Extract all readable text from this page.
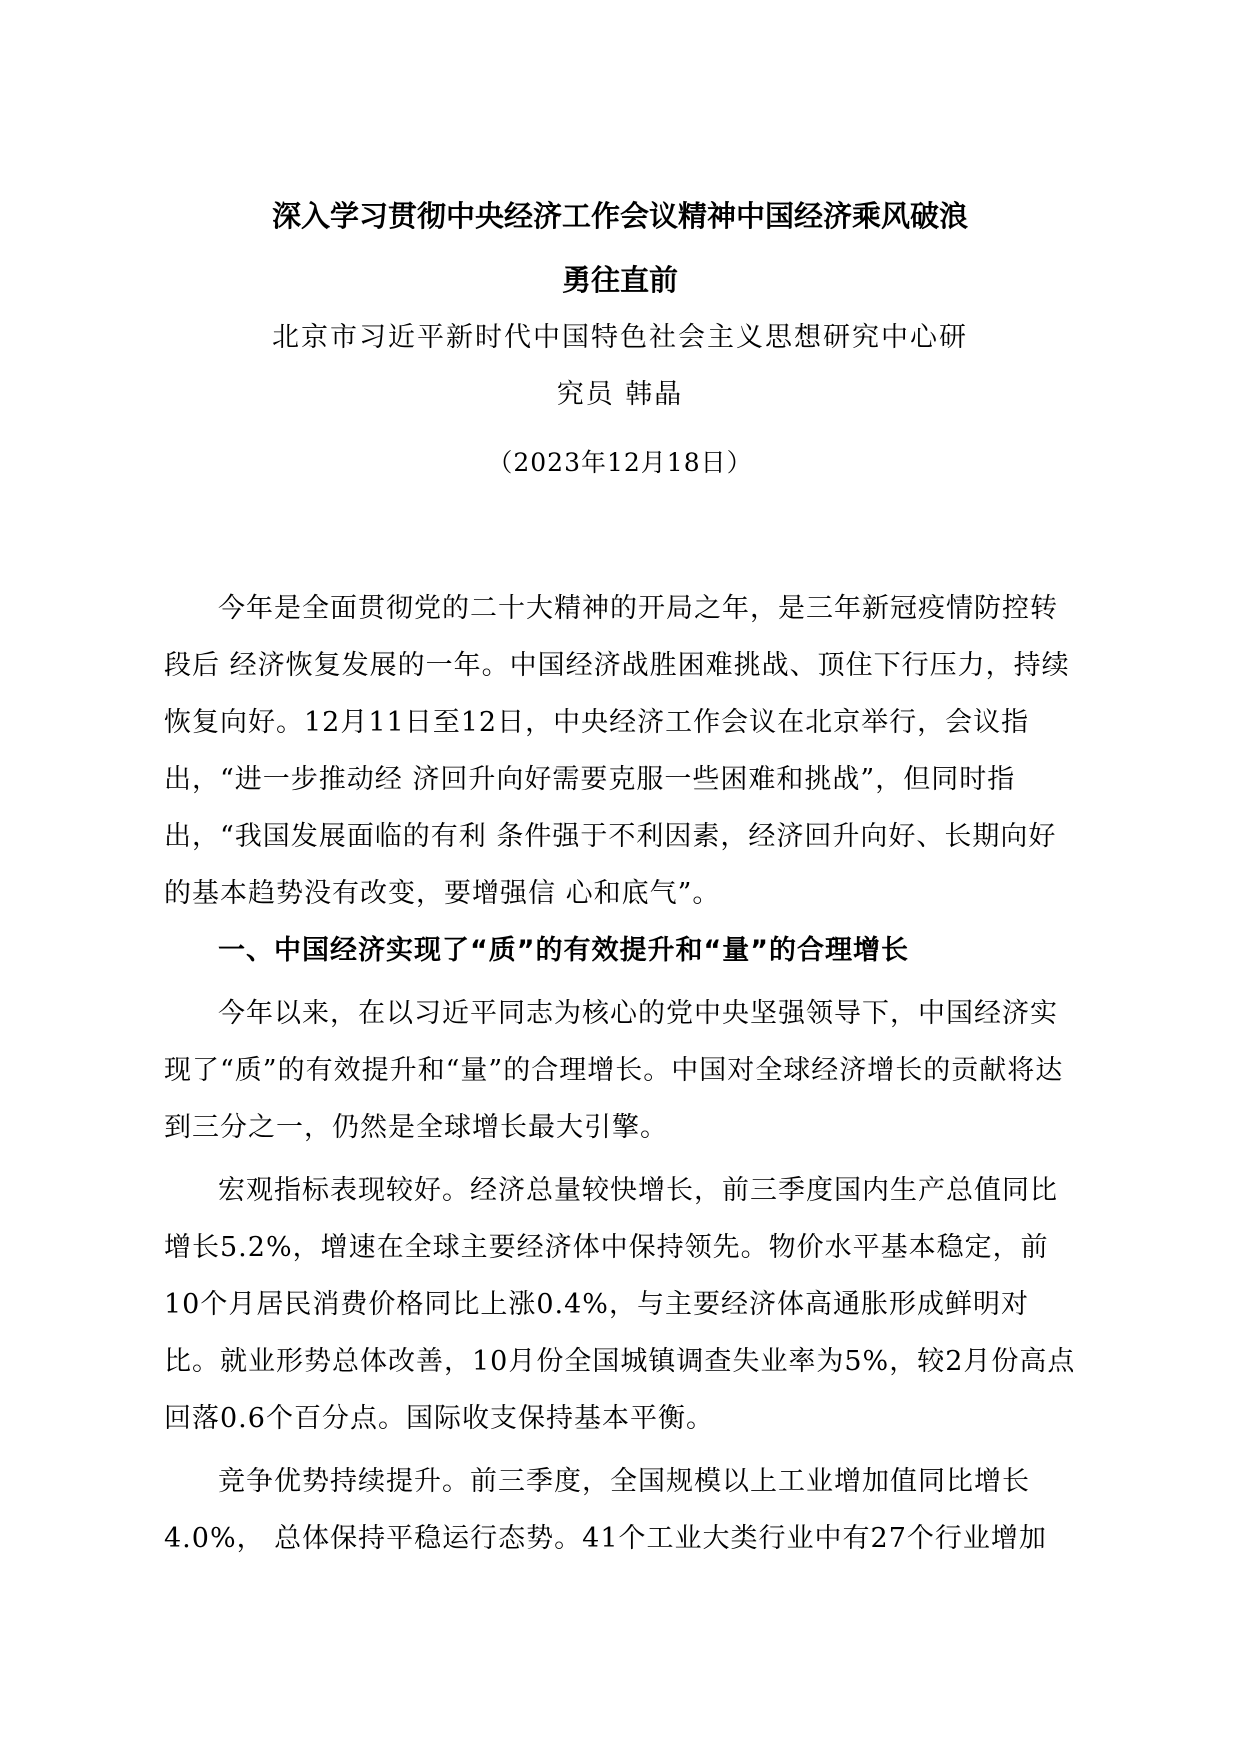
深入学习贯彻中央经济工作会议精神中国经济乘风破浪
勇往直前

北京市习近平新时代中国特色社会主义思想研究中心研

究员 韩晶

（2023年12月18日）

今年是全面贯彻党的二十大精神的开局之年，是三年新冠疫情防控转段后 经济恢复发展的一年。中国经济战胜困难挑战、顶住下行压力，持续恢复向好。12月11日至12日，中央经济工作会议在北京举行，会议指出，“进一步推动经 济回升向好需要克服一些困难和挑战”，但同时指出，“我国发展面临的有利 条件强于不利因素，经济回升向好、长期向好的基本趋势没有改变，要增强信 心和底气”。

一、中国经济实现了“质”的有效提升和“量”的合理增长

今年以来，在以习近平同志为核心的党中央坚强领导下，中国经济实现了“质”的有效提升和“量”的合理增长。中国对全球经济增长的贡献将达到三分之一，仍然是全球增长最大引擎。

宏观指标表现较好。经济总量较快增长，前三季度国内生产总值同比增长5.2%，增速在全球主要经济体中保持领先。物价水平基本稳定，前10个月居民消费价格同比上涨0.4%，与主要经济体高通胀形成鲜明对比。就业形势总体改善，10月份全国城镇调查失业率为5%，较2月份高点回落0.6个百分点。国际收支保持基本平衡。

竞争优势持续提升。前三季度，全国规模以上工业增加值同比增长4.0%， 总体保持平稳运行态势。41个工业大类行业中有27个行业增加
